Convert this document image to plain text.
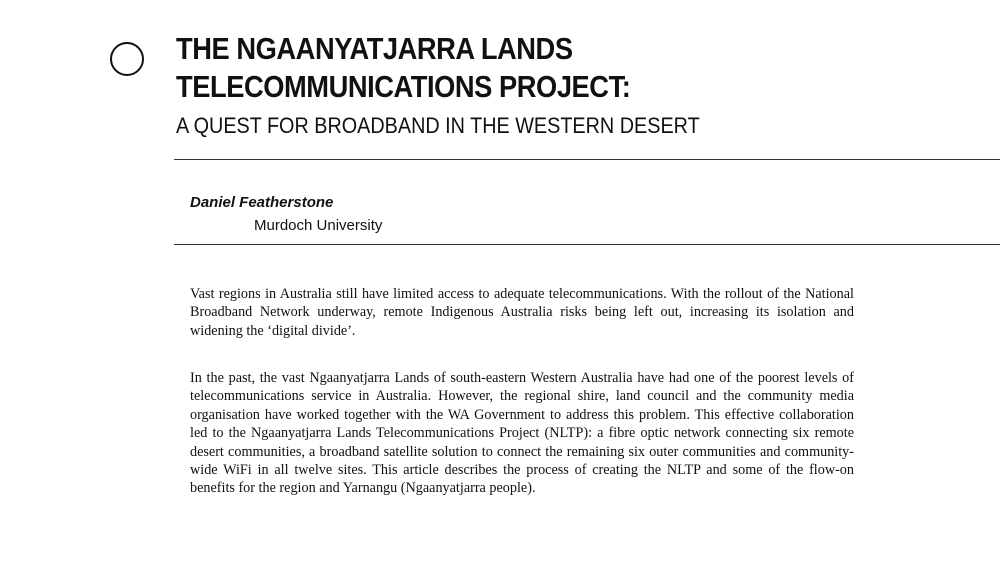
THE NGAANYATJARRA LANDS
TELECOMMUNICATIONS PROJECT:
A QUEST FOR BROADBAND IN THE WESTERN DESERT
Daniel Featherstone
Murdoch University

Vast regions in Australia still have limited access to adequate telecommunications. With the rollout of the National Broadband Network underway, remote Indigenous Australia risks being left out, increasing its isolation and widening the ‘digital divide’.

In the past, the vast Ngaanyatjarra Lands of south-eastern Western Australia have had one of the poorest levels of telecommunications service in Australia. However, the regional shire, land council and the community media organisation have worked together with the WA Government to address this problem. This effective collaboration led to the Ngaanyatjarra Lands Telecommunications Project (NLTP): a fibre optic network connecting six remote desert communities, a broadband satellite solution to connect the remaining six outer communities and community-wide WiFi in all twelve sites. This article describes the process of creating the NLTP and some of the flow-on benefits for the region and Yarnangu (Ngaanyatjarra people).
